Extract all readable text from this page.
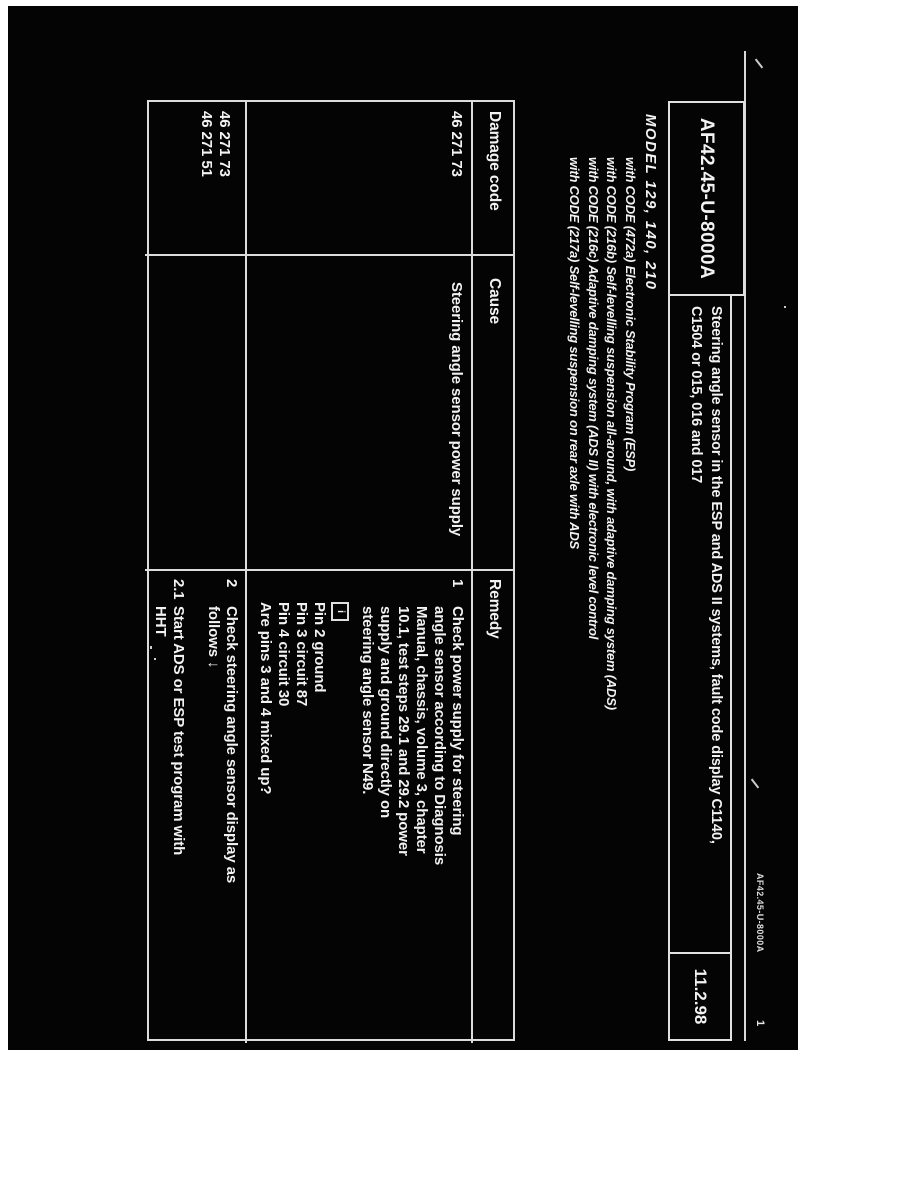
AF42.45-U-8000A
1
AF42.45-U-8000A
Steering angle sensor in the ESP and ADS II systems, fault code display C1140,
C1504 or 015, 016 and 017
11.2.98
MODEL 129, 140, 210
with CODE (472a) Electronic Stability Program (ESP)
with CODE (216b) Self-levelling suspension all-around, with adaptive damping system (ADS)
with CODE (216c) Adaptive damping system (ADS II) with electronic level control
with CODE (217a) Self-levelling suspension on rear axle with ADS
Damage code
Cause
Remedy
46 271 73
Steering angle sensor power supply
1
Check power supply for steering
angle sensor according to Diagnosis
Manual, chassis, volume 3, chapter
10.1, test steps 29.1 and 29.2 power
supply and ground directly on
steering angle sensor N49.
i
Pin 2 ground
Pin 3 circuit 87
Pin 4 circuit 30
Are pins 3 and 4 mixed up?
46 271 73
46 271 51
2
Check steering angle sensor display as
follows ↓
2.1
Start ADS or ESP test program with
HHT
